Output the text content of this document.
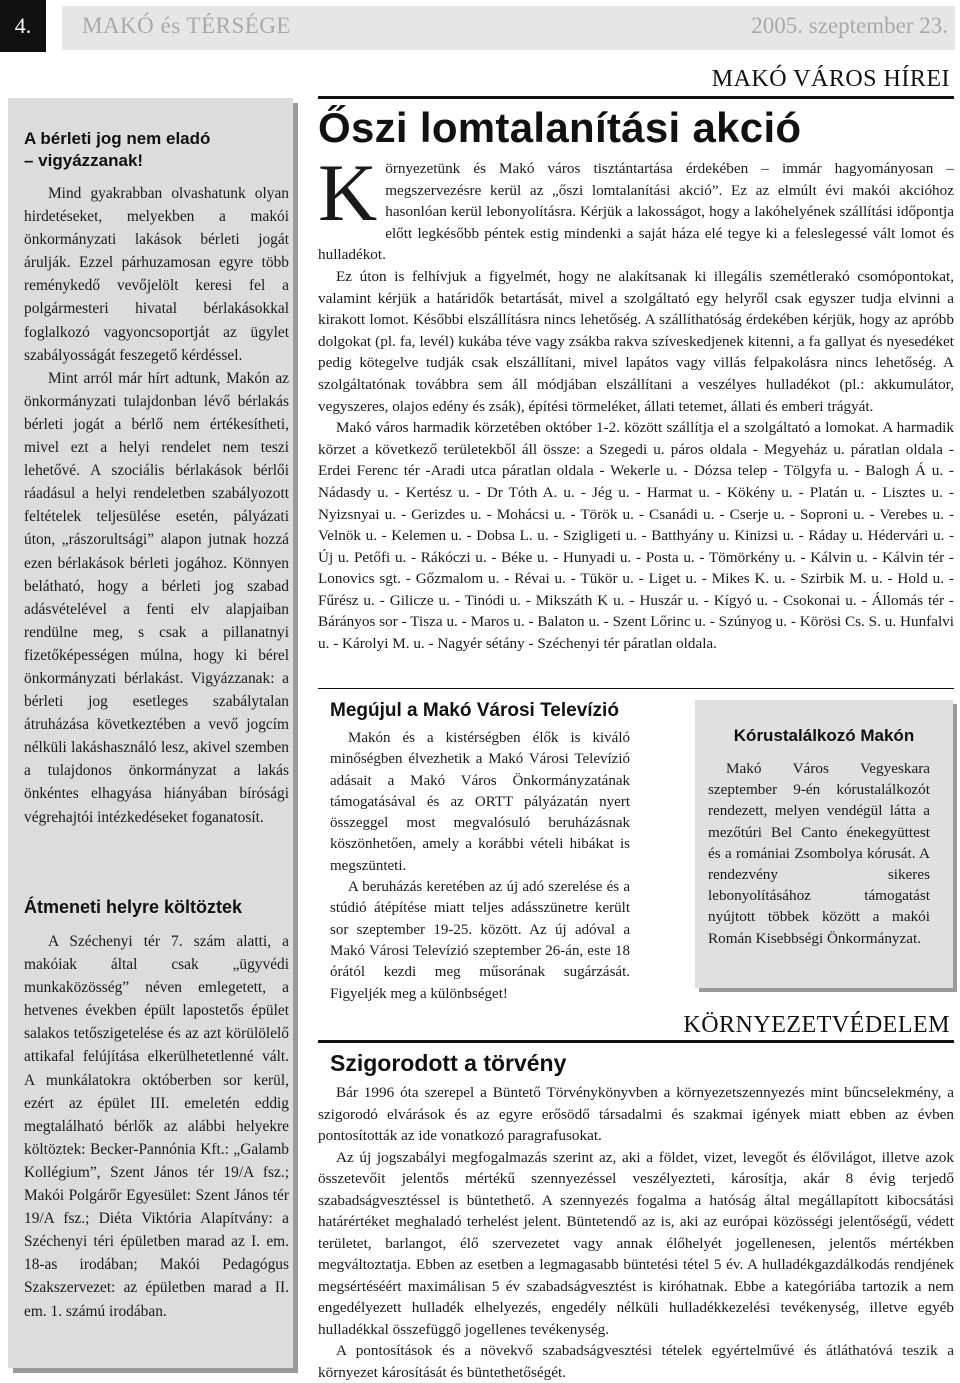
4. MAKÓ és TÉRSÉGE	2005. szeptember 23.
MAKÓ VÁROS HÍREI
A bérleti jog nem eladó
– vigyázzanak!

Mind gyakrabban olvashatunk olyan hirdetéseket, melyekben a makói önkormányzati lakások bérleti jogát árulják. Ezzel párhuzamosan egyre több reménykedő vevőjelölt keresi fel a polgármesteri hivatal bérlakásokkal foglalkozó vagyoncsoportját az ügylet szabályosságát feszegető kérdéssel.

Mint arról már hírt adtunk, Makón az önkormányzati tulajdonban lévő bérlakás bérleti jogát a bérlő nem értékesítheti, mivel ezt a helyi rendelet nem teszi lehetővé. A szociális bérlakások bérlői ráadásul a helyi rendeletben szabályozott feltételek teljesülése esetén, pályázati úton, „rászorultsági” alapon jutnak hozzá ezen bérlakások bérleti jogához. Könnyen belátható, hogy a bérleti jog szabad adásvételével a fenti elv alapjaiban rendülne meg, s csak a pillanatnyi fizetőképességen múlna, hogy ki bérel önkormányzati bérlakást. Vigyázzanak: a bérleti jog esetleges szabálytalan átruházása következtében a vevő jogcím nélküli lakáshasználó lesz, akivel szemben a tulajdonos önkormányzat a lakás önkéntes elhagyása hiányában bírósági végrehajtói intézkedéseket foganatosít.

Átmeneti helyre költöztek

A Széchenyi tér 7. szám alatti, a makóiak által csak „ügyvédi munkaközösség” néven emlegetett, a hetvenes években épült lapostetős épület salakos tetőszigetelése és az azt körülölelő attikafal felújítása elkerülhetetlenné vált. A munkálatokra októberben sor kerül, ezért az épület III. emeletén eddig megtalálható bérlők az alábbi helyekre költöztek: Becker-Pannónia Kft.: „Galamb Kollégium”, Szent János tér 19/A fsz.; Makói Polgárőr Egyesület: Szent János tér 19/A fsz.; Diéta Viktória Alapítvány: a Széchenyi téri épületben marad az I. em. 18-as irodában; Makói Pedagógus Szakszervezet: az épületben marad a II. em. 1. számú irodában.

Őszi lomtalanítási akció

Környezetünk és Makó város tisztántartása érdekében – immár hagyományosan – megszervezésre kerül az „őszi lomtalanítási akció”. Ez az elmúlt évi makói akcióhoz hasonlóan kerül lebonyolításra. Kérjük a lakosságot, hogy a lakóhelyének szállítási időpontja előtt legkésőbb péntek estig mindenki a saját háza elé tegye ki a feleslegessé vált lomot és hulladékot.

Ez úton is felhívjuk a figyelmét, hogy ne alakítsanak ki illegális szemétlerakó csomópontokat, valamint kérjük a határidők betartását, mivel a szolgáltató egy helyről csak egyszer tudja elvinni a kirakott lomot. Későbbi elszállításra nincs lehetőség. A szállíthatóság érdekében kérjük, hogy az apróbb dolgokat (pl. fa, levél) kukába téve vagy zsákba rakva szíveskedjenek kitenni, a fa gallyat és nyesedéket pedig kötegelve tudják csak elszállítani, mivel lapátos vagy villás felpakolásra nincs lehetőség. A szolgáltatónak továbbra sem áll módjában elszállítani a veszélyes hulladékot (pl.: akkumulátor, vegyszeres, olajos edény és zsák), építési törmeléket, állati tetemet, állati és emberi trágyát.

Makó város harmadik körzetében október 1-2. között szállítja el a szolgáltató a lomokat. A harmadik körzet a következő területekből áll össze: a Szegedi u. páros oldala - Megyeház u. páratlan oldala - Erdei Ferenc tér -Aradi utca páratlan oldala - Wekerle u. - Dózsa telep - Tölgyfa u. - Balogh Á u. - Nádasdy u. - Kertész u. - Dr Tóth A. u. - Jég u. - Harmat u. - Kökény u. - Platán u. - Lisztes u. - Nyizsnyai u. - Gerizdes u. - Mohácsi u. - Török u. - Csanádi u. - Cserje u. - Soproni u. - Verebes u. - Velnök u. - Kelemen u. - Dobsa L. u. - Szigligeti u. - Batthyány u. Kinizsi u. - Ráday u. Hédervári u. - Új u. Petőfi u. - Rákóczi u. - Béke u. - Hunyadi u. - Posta u. - Tömörkény u. - Kálvin u. - Kálvin tér - Lonovics sgt. - Gőzmalom u. - Révai u. - Tükör u. - Liget u. - Mikes K. u. - Szirbik M. u. - Hold u. - Fűrész u. - Gilicze u. - Tinódi u. - Mikszáth K u. - Huszár u. - Kígyó u. - Csokonai u. - Állomás tér - Bárányos sor - Tisza u. - Maros u. - Balaton u. - Szent Lőrinc u. - Szúnyog u. - Körösi Cs. S. u. Hunfalvi u. - Károlyi M. u. - Nagyér sétány - Széchenyi tér páratlan oldala.

Megújul a Makó Városi Televízió

Makón és a kistérségben élők is kiváló minőségben élvezhetik a Makó Városi Televízió adásait a Makó Város Önkormányzatának támogatásával és az ORTT pályázatán nyert összeggel most megvalósuló beruházásnak köszönhetően, amely a korábbi vételi hibákat is megszünteti.

A beruházás keretében az új adó szerelése és a stúdió átépítése miatt teljes adásszünetre került sor szeptember 19-25. között. Az új adóval a Makó Városi Televízió szeptember 26-án, este 18 órától kezdi meg műsorának sugárzását. Figyeljék meg a különbséget!

Kórustalálkozó Makón

Makó Város Vegyeskara szeptember 9-én kórustalálkozót rendezett, melyen vendégül látta a mezőtúri Bel Canto énekegyüttest és a romániai Zsombolya kórusát. A rendezvény sikeres lebonyolításához támogatást nyújtott többek között a makói Román Kisebbségi Önkormányzat.

KÖRNYEZETVÉDELEM
Szigorodott a törvény

Bár 1996 óta szerepel a Büntető Törvénykönyvben a környezetszennyezés mint bűncselekmény, a szigorodó elvárások és az egyre erősödő társadalmi és szakmai igények miatt ebben az évben pontosították az ide vonatkozó paragrafusokat.

Az új jogszabályi megfogalmazás szerint az, aki a földet, vizet, levegőt és élővilágot, illetve azok összetevőit jelentős mértékű szennyezéssel veszélyezteti, károsítja, akár 8 évig terjedő szabadságvesztéssel is büntethető. A szennyezés fogalma a hatóság által megállapított kibocsátási határértéket meghaladó terhelést jelent. Büntetendő az is, aki az európai közösségi jelentőségű, védett területet, barlangot, élő szervezetet vagy annak élőhelyét jogellenesen, jelentős mértékben megváltoztatja. Ebben az esetben a legmagasabb büntetési tétel 5 év. A hulladékgazdálkodás rendjének megsértéséért maximálisan 5 év szabadságvesztést is kiróhatnak. Ebbe a kategóriába tartozik a nem engedélyezett hulladék elhelyezés, engedély nélküli hulladékkezelési tevékenység, illetve egyéb hulladékkal összefüggő jogellenes tevékenység.

A pontosítások és a növekvő szabadságvesztési tételek egyértelművé és átláthatóvá teszik a környezet károsítását és büntethetőségét.
